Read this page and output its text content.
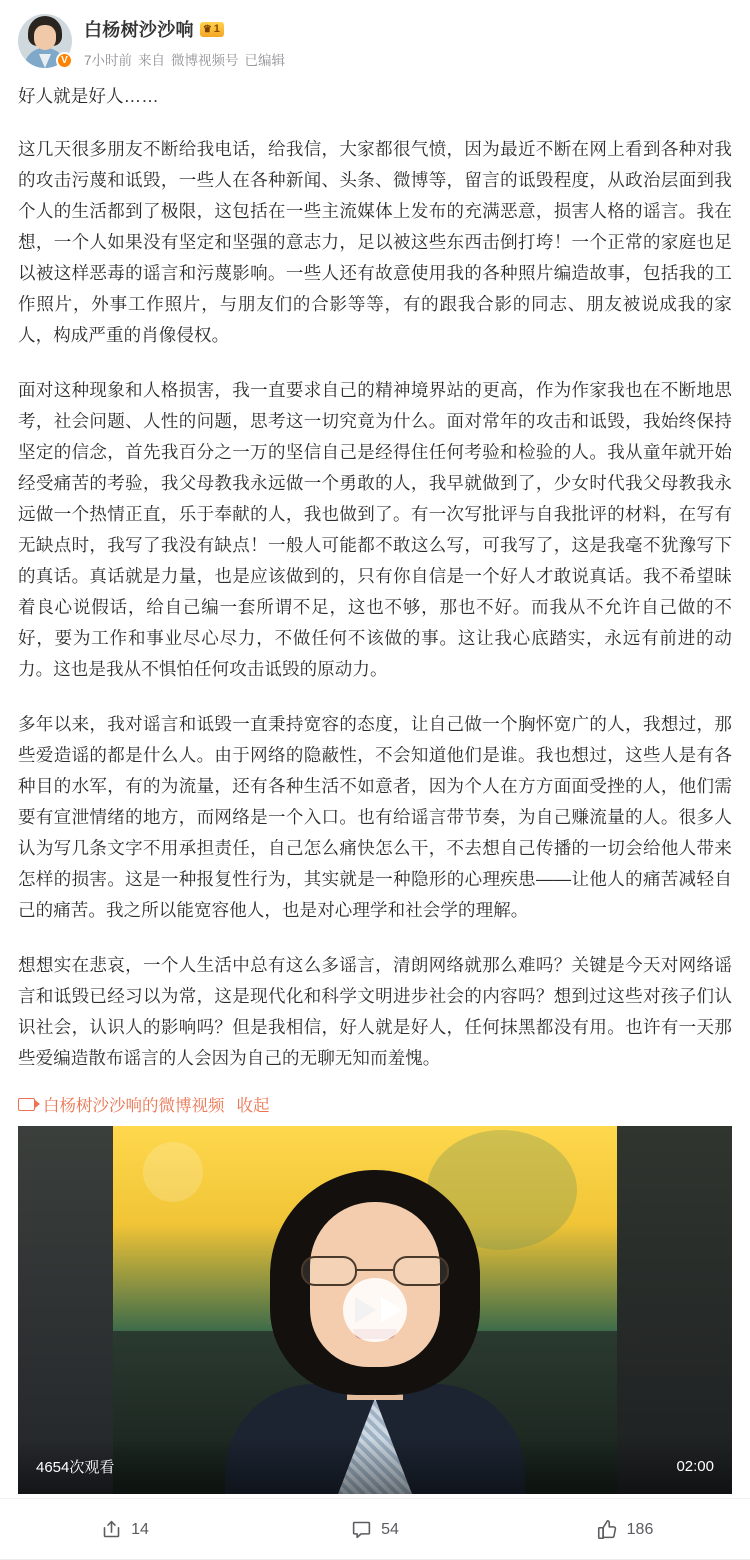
V
白杨树沙沙响 ♛ 1
7小时前 来自 微博视频号 已编辑

好人就是好人……

这几天很多朋友不断给我电话，给我信，大家都很气愤，因为最近不断在网上看到各种对我的攻击污蔑和诋毁，一些人在各种新闻、头条、微博等，留言的诋毁程度，从政治层面到我个人的生活都到了极限，这包括在一些主流媒体上发布的充满恶意，损害人格的谣言。我在想，一个人如果没有坚定和坚强的意志力，足以被这些东西击倒打垮！一个正常的家庭也足以被这样恶毒的谣言和污蔑影响。一些人还有故意使用我的各种照片编造故事，包括我的工作照片，外事工作照片，与朋友们的合影等等，有的跟我合影的同志、朋友被说成我的家人，构成严重的肖像侵权。

面对这种现象和人格损害，我一直要求自己的精神境界站的更高，作为作家我也在不断地思考，社会问题、人性的问题，思考这一切究竟为什么。面对常年的攻击和诋毁，我始终保持坚定的信念，首先我百分之一万的坚信自己是经得住任何考验和检验的人。我从童年就开始经受痛苦的考验，我父母教我永远做一个勇敢的人，我早就做到了，少女时代我父母教我永远做一个热情正直，乐于奉献的人，我也做到了。有一次写批评与自我批评的材料，在写有无缺点时，我写了我没有缺点！一般人可能都不敢这么写，可我写了，这是我毫不犹豫写下的真话。真话就是力量，也是应该做到的，只有你自信是一个好人才敢说真话。我不希望昧着良心说假话，给自己编一套所谓不足，这也不够，那也不好。而我从不允许自己做的不好，要为工作和事业尽心尽力，不做任何不该做的事。这让我心底踏实，永远有前进的动力。这也是我从不惧怕任何攻击诋毁的原动力。

多年以来，我对谣言和诋毁一直秉持宽容的态度，让自己做一个胸怀宽广的人，我想过，那些爱造谣的都是什么人。由于网络的隐蔽性，不会知道他们是谁。我也想过，这些人是有各种目的水军，有的为流量，还有各种生活不如意者，因为个人在方方面面受挫的人，他们需要有宣泄情绪的地方，而网络是一个入口。也有给谣言带节奏，为自己赚流量的人。很多人认为写几条文字不用承担责任，自己怎么痛快怎么干，不去想自己传播的一切会给他人带来怎样的损害。这是一种报复性行为，其实就是一种隐形的心理疾患——让他人的痛苦减轻自己的痛苦。我之所以能宽容他人，也是对心理学和社会学的理解。

想想实在悲哀，一个人生活中总有这么多谣言，清朗网络就那么难吗？关键是今天对网络谣言和诋毁已经习以为常，这是现代化和科学文明进步社会的内容吗？想到过这些对孩子们认识社会，认识人的影响吗？但是我相信，好人就是好人，任何抹黑都没有用。也许有一天那些爱编造散布谣言的人会因为自己的无聊无知而羞愧。

白杨树沙沙响的微博视频 收起
4654次观看	02:00
14	54	186
